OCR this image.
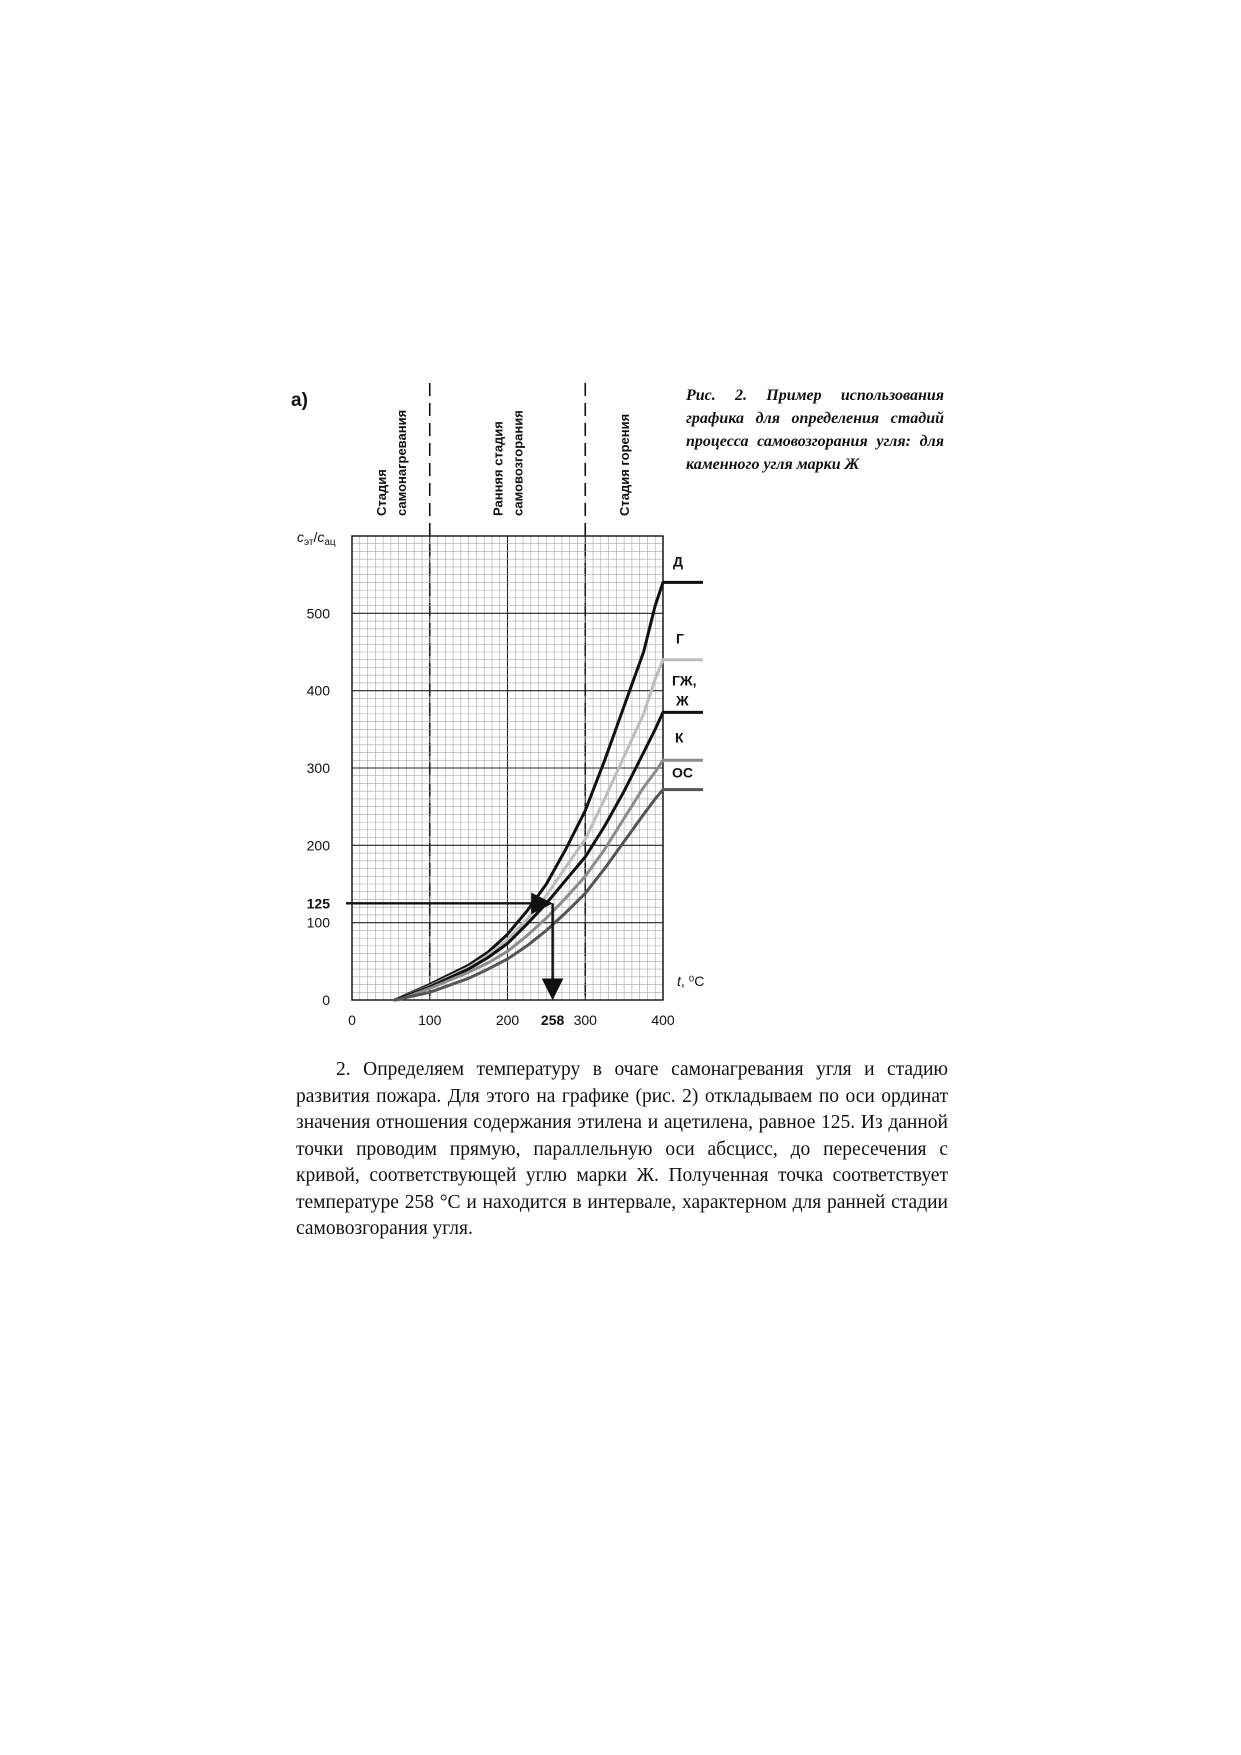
а)
Стадия самонагревания	Ранняя стадия самовозгорания	Стадия горения
125
258
0	100	200	300	400
0
100
200
300
400
500
Д
Г
ГЖ,
Ж
К
ОС
$c_{эт}/c_{ац}$
t, ⁰С

Рис. 2. Пример использования графика для определения стадий процесса самовозгорания угля: для каменного угля марки Ж

2. Определяем температуру в очаге самонагревания угля и стадию развития пожара. Для этого на графике (рис. 2) откладываем по оси ординат значения отношения содержания этилена и ацетилена, равное 125. Из данной точки проводим прямую, параллельную оси абсцисс, до пересечения с кривой, соответствующей углю марки Ж. Полученная точка соответствует температуре 258 °С и находится в интервале, характерном для ранней стадии самовозгорания угля.
